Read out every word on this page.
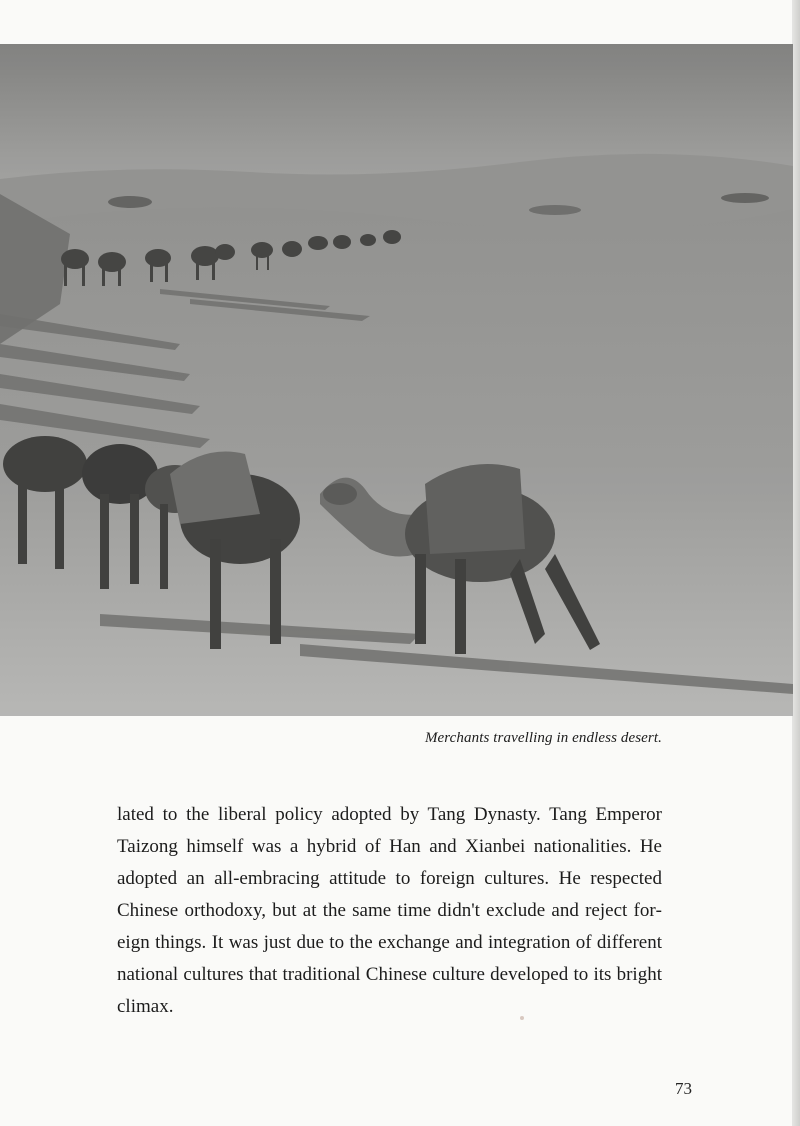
Merchants travelling in endless desert.

lated to the liberal policy adopted by Tang Dynasty. Tang Emperor Taizong himself was a hybrid of Han and Xianbei nationalities. He adopted an all-embracing attitude to foreign cultures. He respected Chinese orthodoxy, but at the same time didn't exclude and reject foreign things. It was just due to the exchange and integration of different national cultures that traditional Chinese culture developed to its bright climax.

73
